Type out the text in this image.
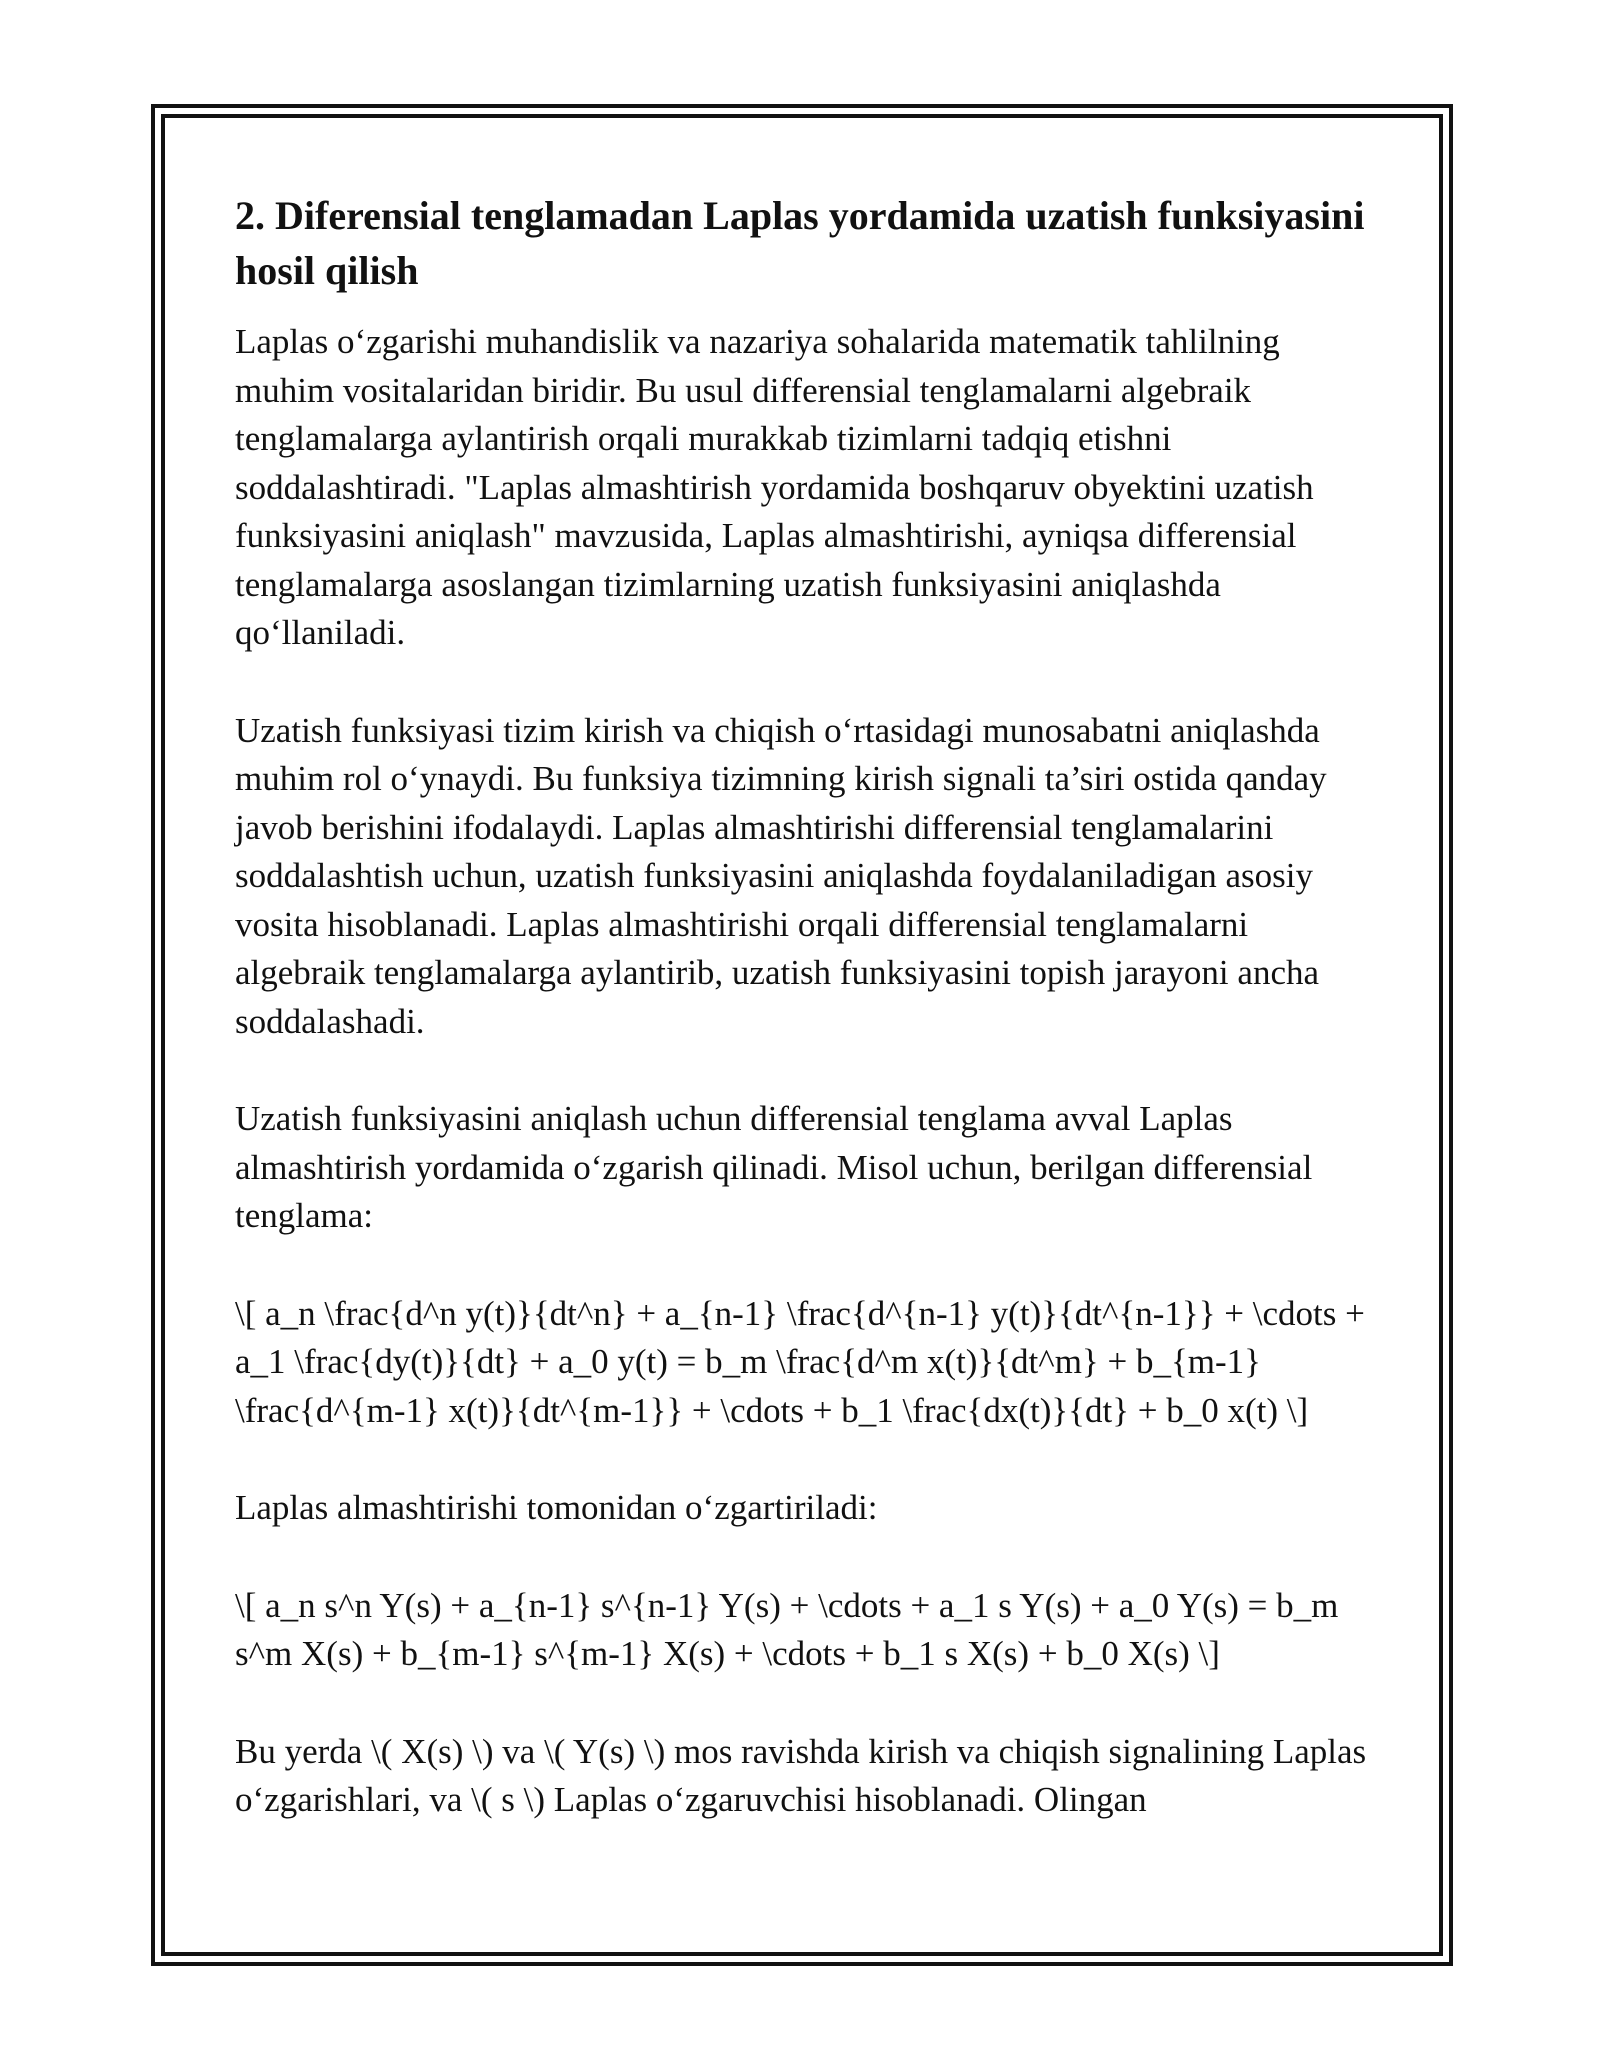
2. Diferensial tenglamadan Laplas yordamida uzatish funksiyasini hosil qilish

Laplas o‘zgarishi muhandislik va nazariya sohalarida matematik tahlilning muhim vositalaridan biridir. Bu usul differensial tenglamalarni algebraik tenglamalarga aylantirish orqali murakkab tizimlarni tadqiq etishni soddalashtiradi. "Laplas almashtirish yordamida boshqaruv obyektini uzatish funksiyasini aniqlash" mavzusida, Laplas almashtirishi, ayniqsa differensial tenglamalarga asoslangan tizimlarning uzatish funksiyasini aniqlashda qo‘llaniladi.

Uzatish funksiyasi tizim kirish va chiqish o‘rtasidagi munosabatni aniqlashda muhim rol o‘ynaydi. Bu funksiya tizimning kirish signali ta’siri ostida qanday javob berishini ifodalaydi. Laplas almashtirishi differensial tenglamalarini soddalashtish uchun, uzatish funksiyasini aniqlashda foydalaniladigan asosiy vosita hisoblanadi. Laplas almashtirishi orqali differensial tenglamalarni algebraik tenglamalarga aylantirib, uzatish funksiyasini topish jarayoni ancha soddalashadi.

Uzatish funksiyasini aniqlash uchun differensial tenglama avval Laplas almashtirish yordamida o‘zgarish qilinadi. Misol uchun, berilgan differensial tenglama:

\[ a_n \frac{d^n y(t)}{dt^n} + a_{n-1} \frac{d^{n-1} y(t)}{dt^{n-1}} + \cdots + a_1 \frac{dy(t)}{dt} + a_0 y(t) = b_m \frac{d^m x(t)}{dt^m} + b_{m-1} \frac{d^{m-1} x(t)}{dt^{m-1}} + \cdots + b_1 \frac{dx(t)}{dt} + b_0 x(t) \]

Laplas almashtirishi tomonidan o‘zgartiriladi:

\[ a_n s^n Y(s) + a_{n-1} s^{n-1} Y(s) + \cdots + a_1 s Y(s) + a_0 Y(s) = b_m s^m X(s) + b_{m-1} s^{m-1} X(s) + \cdots + b_1 s X(s) + b_0 X(s) \]

Bu yerda \( X(s) \) va \( Y(s) \) mos ravishda kirish va chiqish signalining Laplas o‘zgarishlari, va \( s \) Laplas o‘zgaruvchisi hisoblanadi. Olingan
